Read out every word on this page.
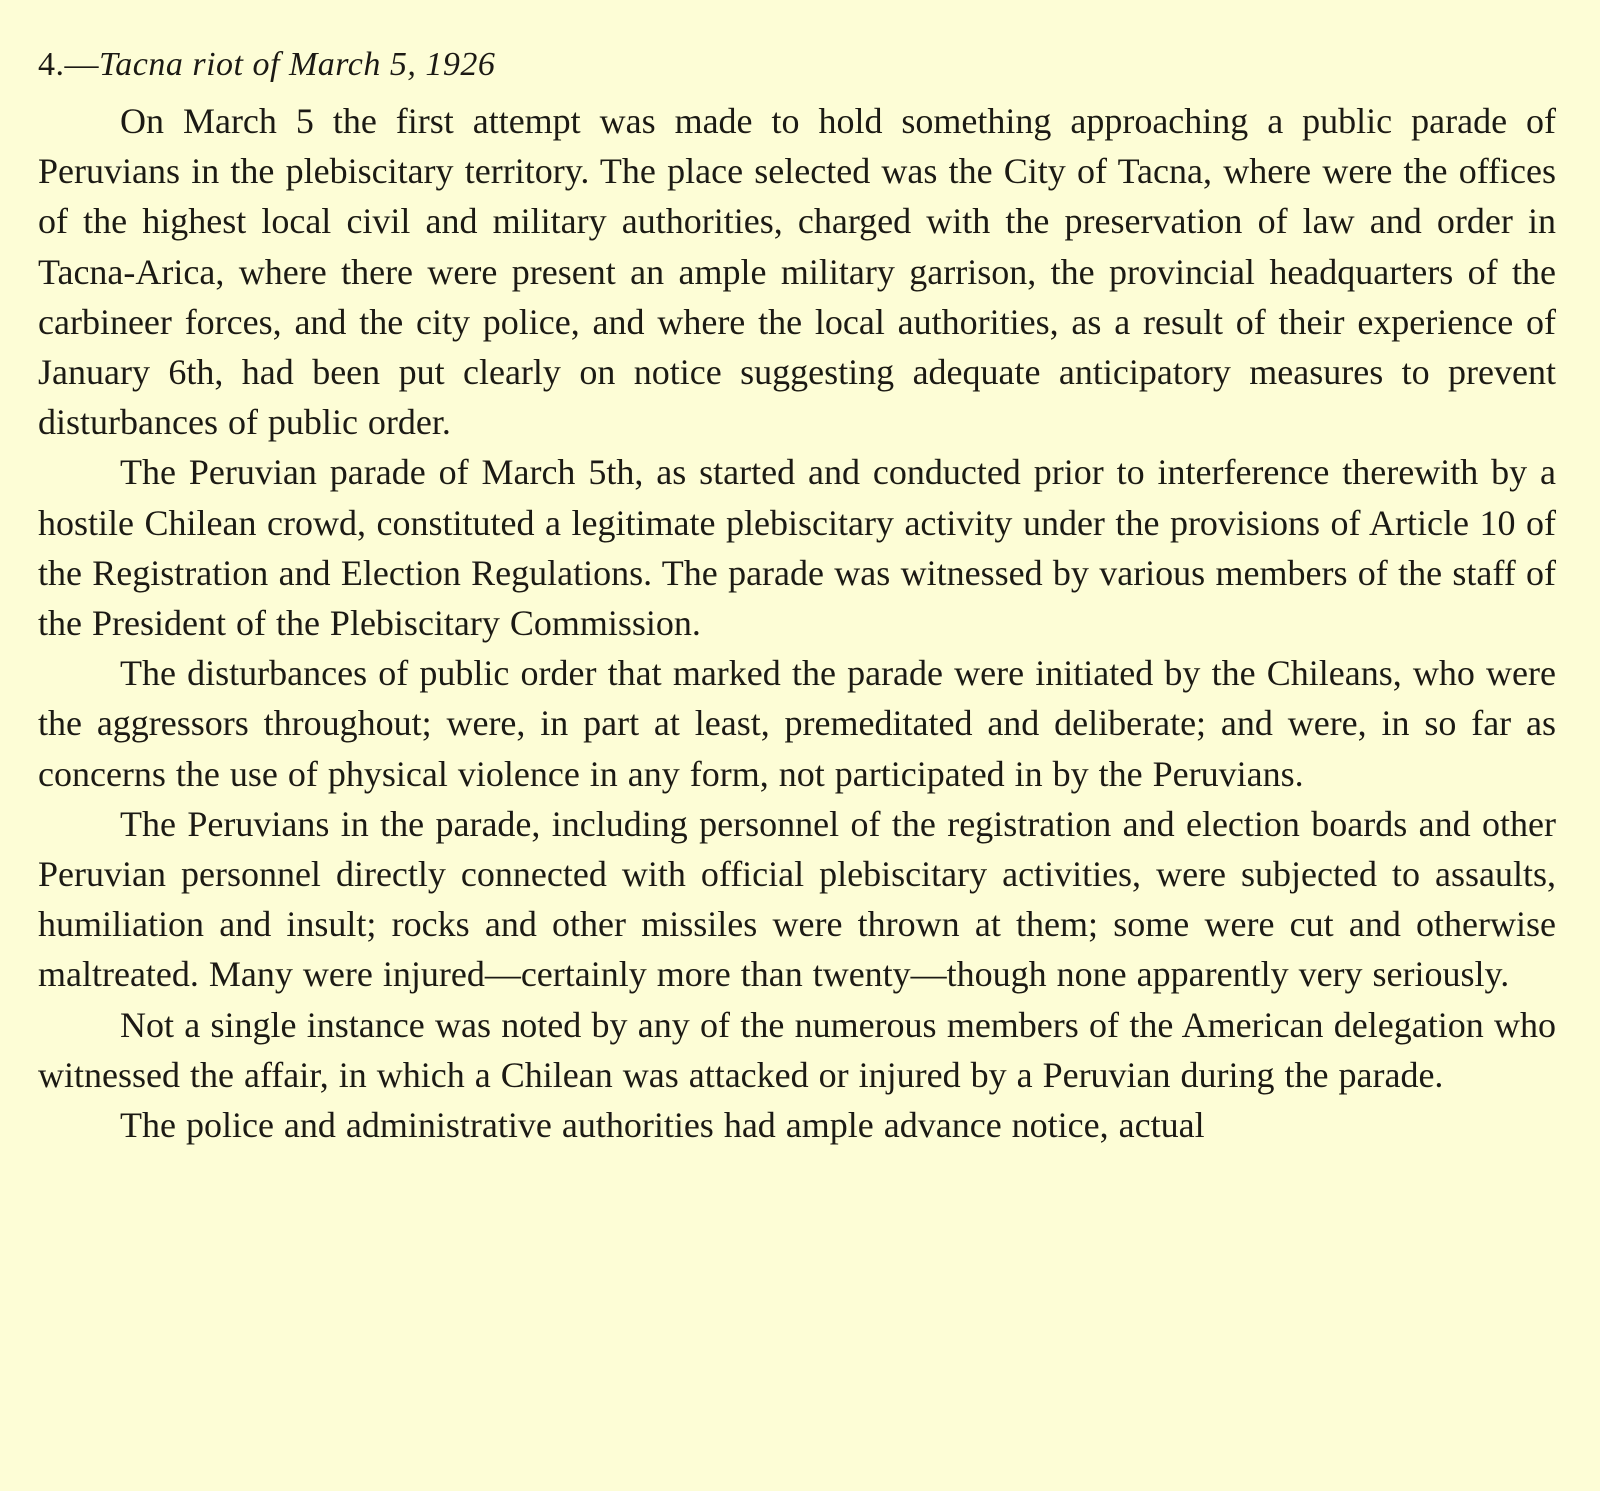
4.—Tacna riot of March 5, 1926

On March 5 the first attempt was made to hold something approaching a public parade of Peruvians in the plebiscitary territory. The place selected was the City of Tacna, where were the offices of the highest local civil and military authorities, charged with the preservation of law and order in Tacna-Arica, where there were present an ample military garrison, the provincial headquarters of the carbineer forces, and the city police, and where the local authorities, as a result of their experience of January 6th, had been put clearly on notice suggesting adequate anticipatory measures to prevent disturbances of public order.

The Peruvian parade of March 5th, as started and conducted prior to interference therewith by a hostile Chilean crowd, constituted a legitimate plebiscitary activity under the provisions of Article 10 of the Registration and Election Regulations. The parade was witnessed by various members of the staff of the President of the Plebiscitary Commission.

The disturbances of public order that marked the parade were initiated by the Chileans, who were the aggressors throughout; were, in part at least, premeditated and deliberate; and were, in so far as concerns the use of physical violence in any form, not participated in by the Peruvians.

The Peruvians in the parade, including personnel of the registration and election boards and other Peruvian personnel directly connected with official plebiscitary activities, were subjected to assaults, humiliation and insult; rocks and other missiles were thrown at them; some were cut and otherwise maltreated. Many were injured—certainly more than twenty—though none apparently very seriously.

Not a single instance was noted by any of the numerous members of the American delegation who witnessed the affair, in which a Chilean was attacked or injured by a Peruvian during the parade.

The police and administrative authorities had ample advance notice, actual
